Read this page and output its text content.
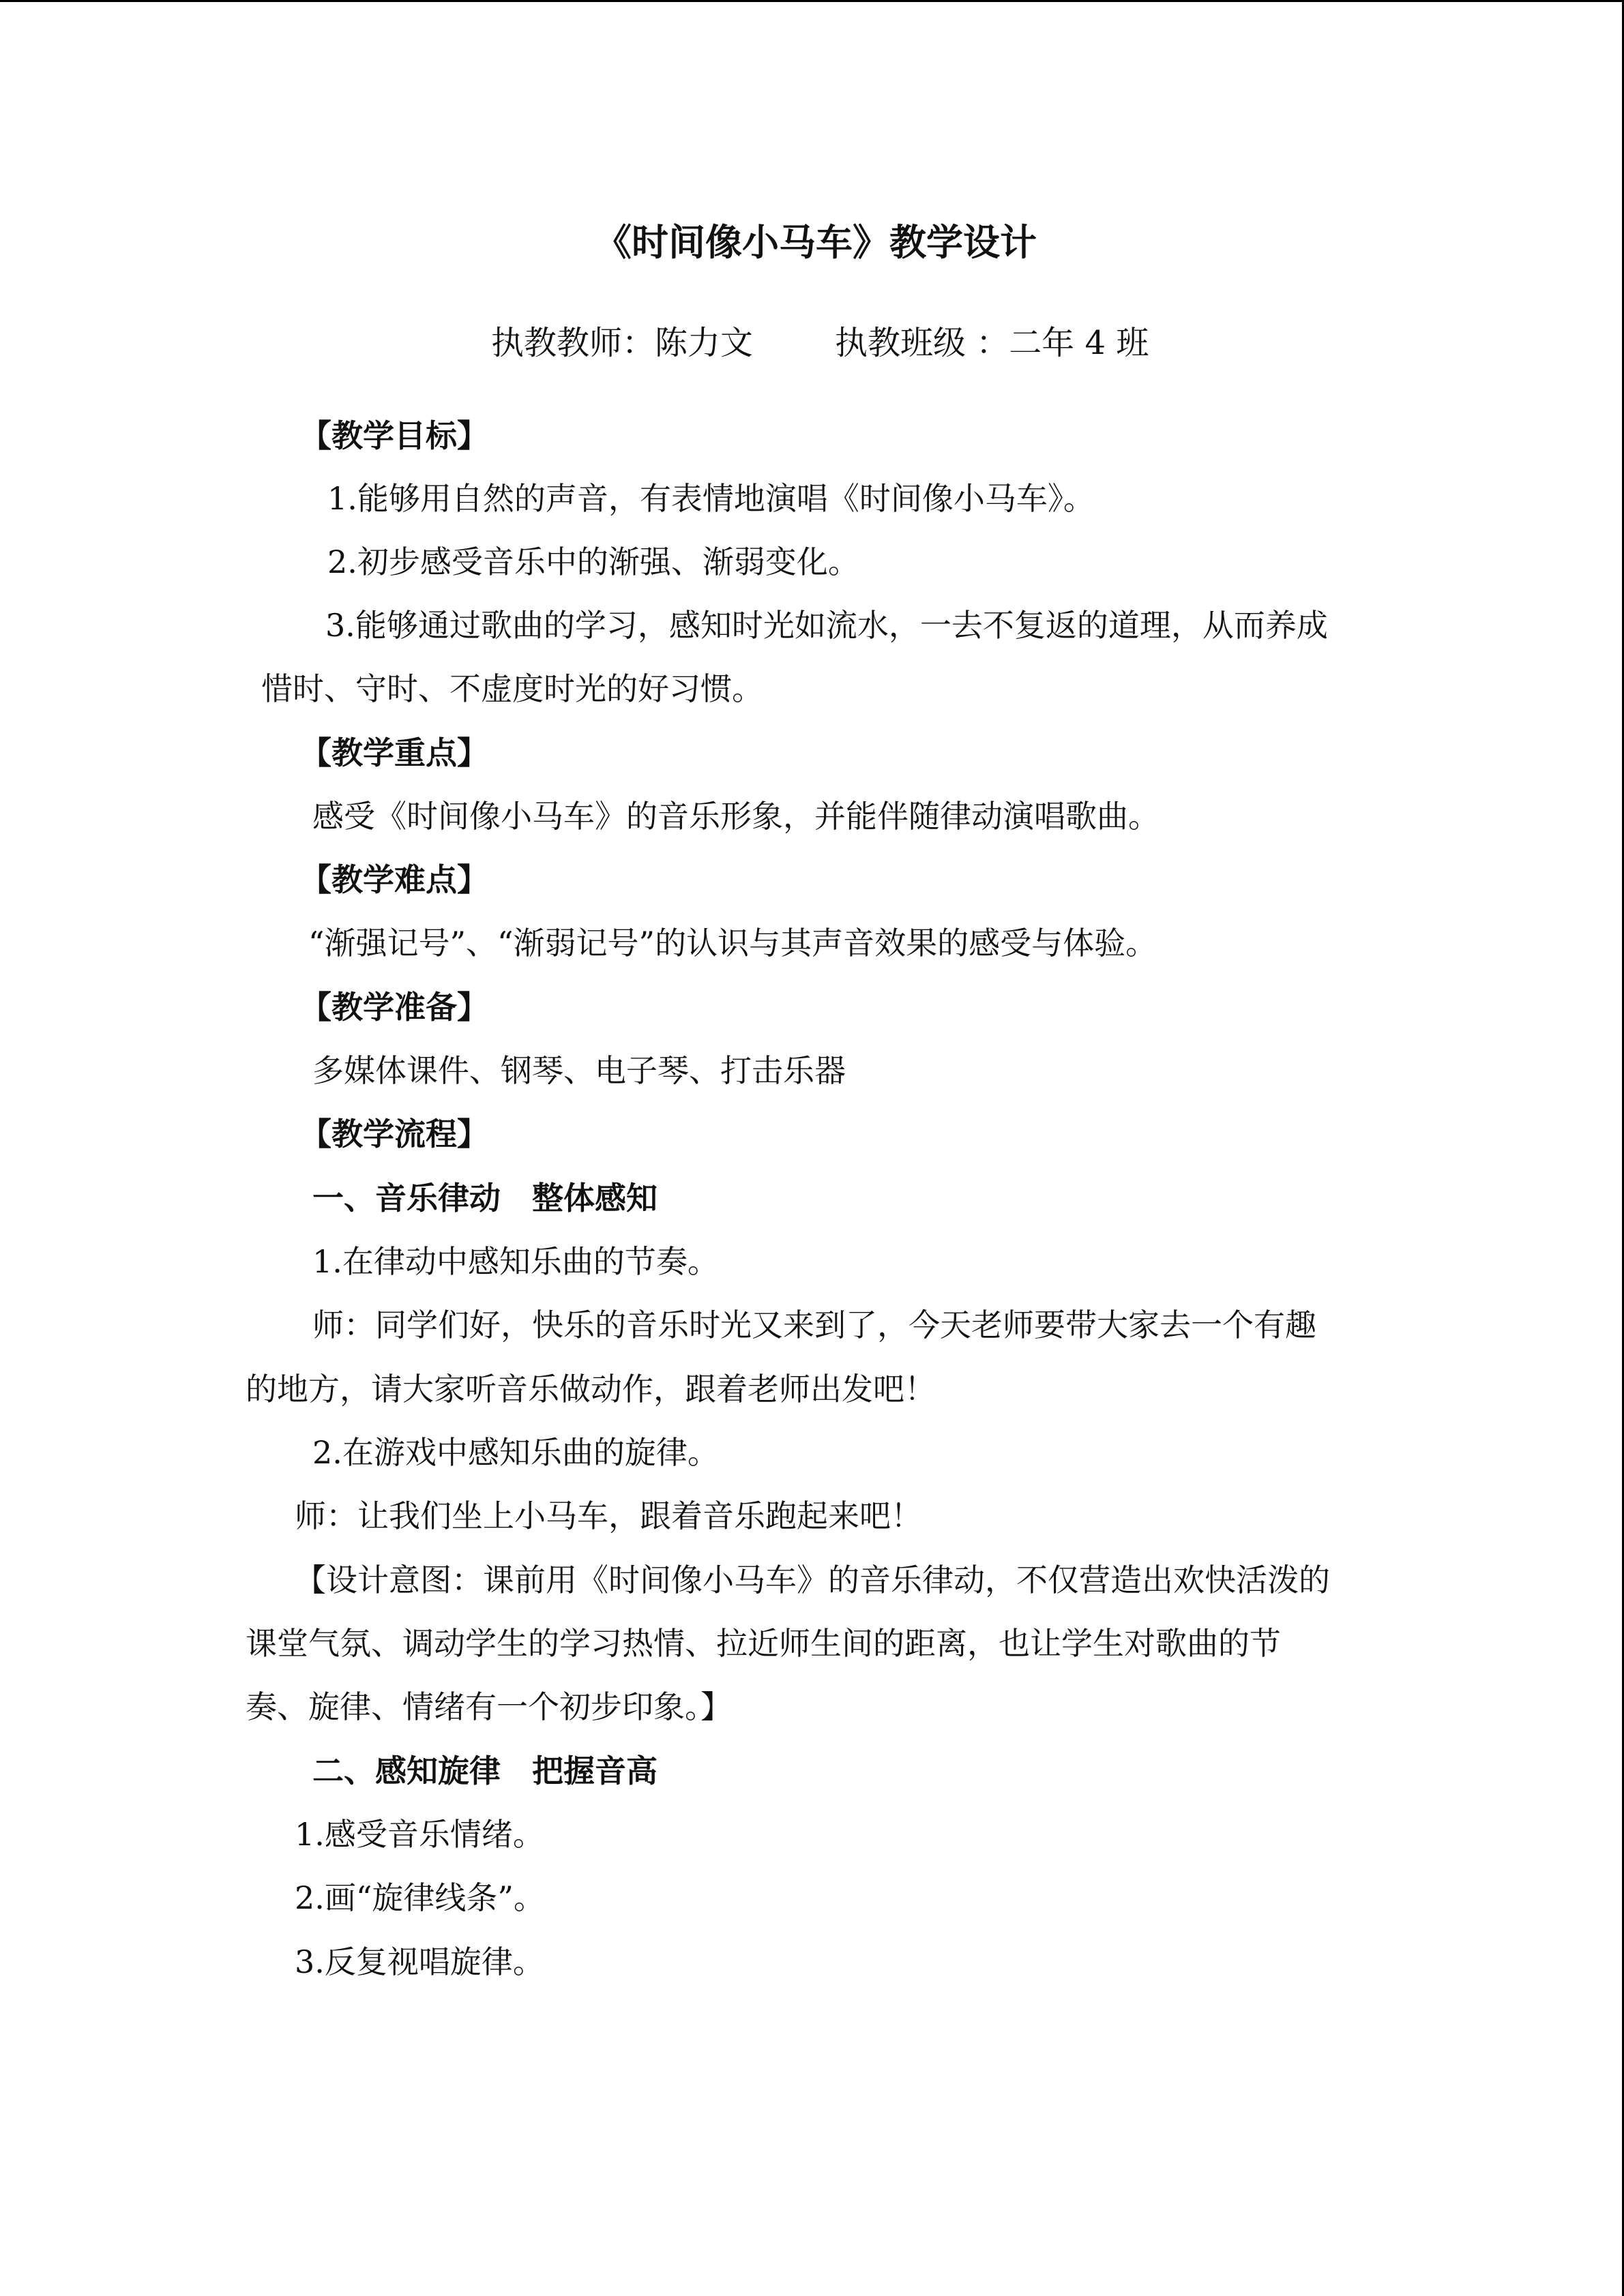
《时间像小马车》教学设计
执教教师：陈力文	执教班级 ：二年 4 班
【教学目标】
1.能够用自然的声音，有表情地演唱《时间像小马车》。
2.初步感受音乐中的渐强、渐弱变化。
3.能够通过歌曲的学习，感知时光如流水，一去不复返的道理，从而养成
惜时、守时、不虚度时光的好习惯。
【教学重点】
感受《时间像小马车》的音乐形象，并能伴随律动演唱歌曲。
【教学难点】
“渐强记号”、“渐弱记号”的认识与其声音效果的感受与体验。
【教学准备】
多媒体课件、钢琴、电子琴、打击乐器
【教学流程】
一、音乐律动　整体感知
1.在律动中感知乐曲的节奏。
师：同学们好，快乐的音乐时光又来到了，今天老师要带大家去一个有趣
的地方，请大家听音乐做动作，跟着老师出发吧！
2.在游戏中感知乐曲的旋律。
师：让我们坐上小马车，跟着音乐跑起来吧！
【设计意图：课前用《时间像小马车》的音乐律动，不仅营造出欢快活泼的
课堂气氛、调动学生的学习热情、拉近师生间的距离，也让学生对歌曲的节
奏、旋律、情绪有一个初步印象。】
二、感知旋律　把握音高
1.感受音乐情绪。
2.画“旋律线条”。
3.反复视唱旋律。
